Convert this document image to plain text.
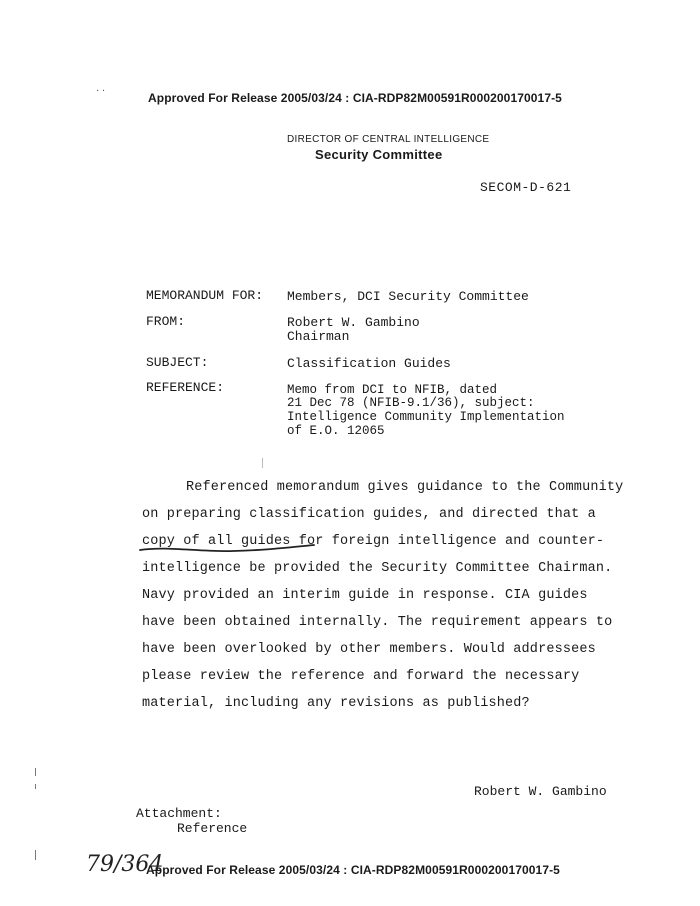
· ·	Approved For Release 2005/03/24 : CIA-RDP82M00591R000200170017-5
DIRECTOR OF CENTRAL INTELLIGENCE
Security Committee
SECOM-D-621
MEMORANDUM FOR: Members, DCI Security Committee
FROM:	Robert W. Gambino
Chairman
SUBJECT:	Classification Guides
REFERENCE:	Memo from DCI to NFIB, dated
21 Dec 78 (NFIB-9.1/36), subject:
Intelligence Community Implementation
of E.O. 12065
Referenced memorandum gives guidance to the Community
on preparing classification guides, and directed that a
copy of all guides for foreign intelligence and counter-
intelligence be provided the Security Committee Chairman.
Navy provided an interim guide in response. CIA guides
have been obtained internally. The requirement appears to
have been overlooked by other members. Would addressees
please review the reference and forward the necessary
material, including any revisions as published?
Robert W. Gambino
Attachment:
Reference
79/364
Approved For Release 2005/03/24 : CIA-RDP82M00591R000200170017-5
